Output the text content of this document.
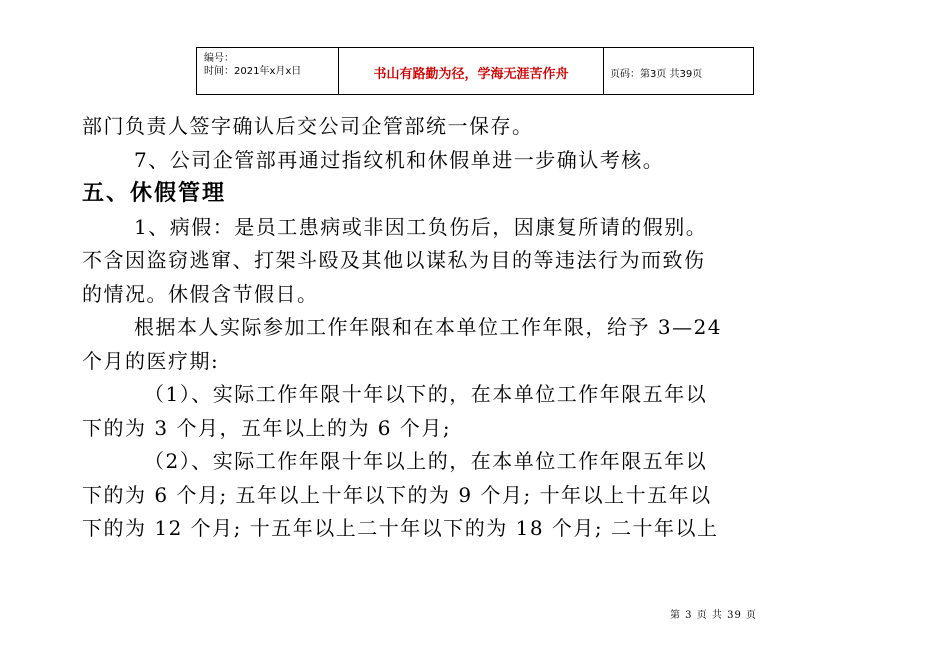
编号：
时间：2021年x月x日	书山有路勤为径，学海无涯苦作舟	页码：第3页 共39页

部门负责人签字确认后交公司企管部统一保存。

7、公司企管部再通过指纹机和休假单进一步确认考核。

五、休假管理

1、病假：是员工患病或非因工负伤后，因康复所请的假别。

不含因盗窃逃窜、打架斗殴及其他以谋私为目的等违法行为而致伤

的情况。休假含节假日。

根据本人实际参加工作年限和在本单位工作年限，给予 3—24

个月的医疗期:

（1）、实际工作年限十年以下的，在本单位工作年限五年以

下的为 3 个月，五年以上的为 6 个月;

（2）、实际工作年限十年以上的，在本单位工作年限五年以

下的为 6 个月; 五年以上十年以下的为 9 个月; 十年以上十五年以

下的为 12 个月; 十五年以上二十年以下的为 18 个月; 二十年以上

第 3 页 共 39 页
